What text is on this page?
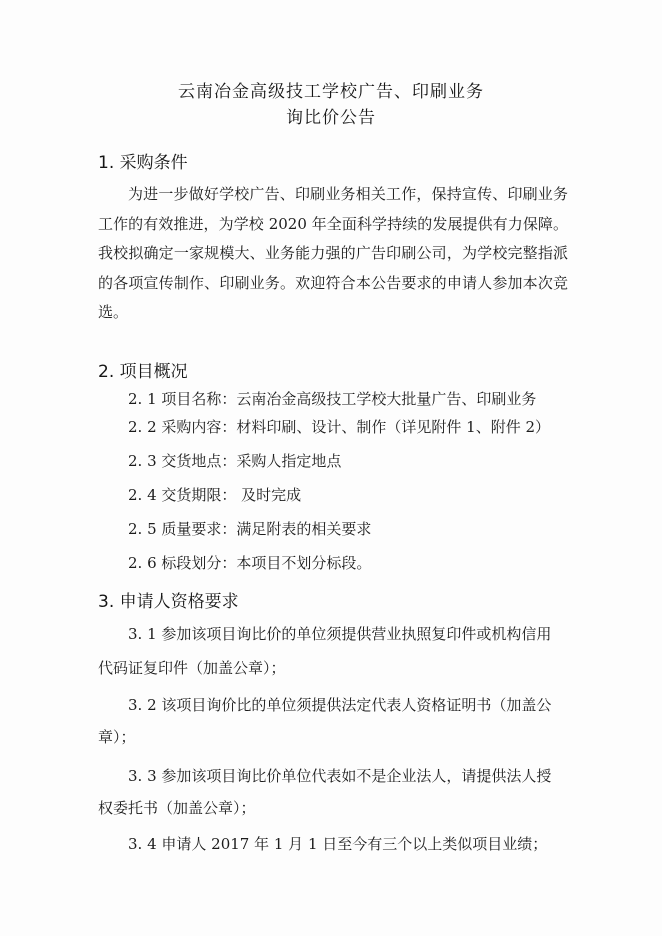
云南冶金高级技工学校广告、印刷业务
询比价公告
1. 采购条件
为进一步做好学校广告、印刷业务相关工作，保持宣传、印刷业务工作的有效推进，为学校 2020 年全面科学持续的发展提供有力保障。我校拟确定一家规模大、业务能力强的广告印刷公司，为学校完整指派的各项宣传制作、印刷业务。欢迎符合本公告要求的申请人参加本次竞选。
2. 项目概况
2. 1 项目名称：云南冶金高级技工学校大批量广告、印刷业务
2. 2 采购内容：材料印刷、设计、制作（详见附件 1、附件 2）
2. 3 交货地点：采购人指定地点
2. 4 交货期限： 及时完成
2. 5 质量要求：满足附表的相关要求
2. 6 标段划分：本项目不划分标段。
3. 申请人资格要求
3. 1 参加该项目询比价的单位须提供营业执照复印件或机构信用
代码证复印件（加盖公章）；
3. 2 该项目询价比的单位须提供法定代表人资格证明书（加盖公
章）；
3. 3 参加该项目询比价单位代表如不是企业法人，请提供法人授
权委托书（加盖公章）；
3. 4 申请人 2017 年 1 月 1 日至今有三个以上类似项目业绩；
